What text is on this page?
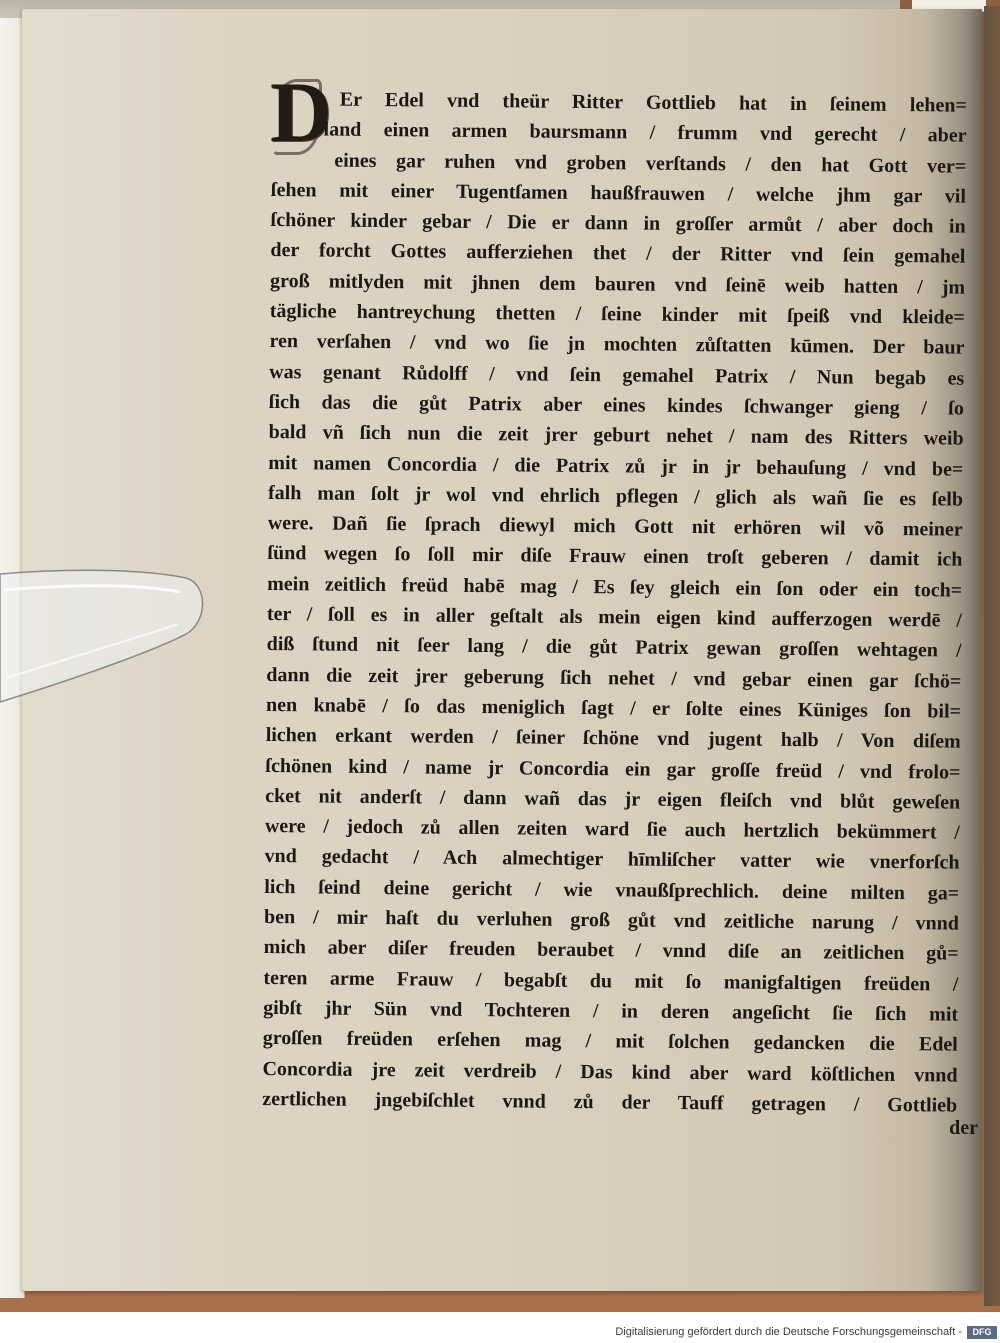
D Er Edel vnd theür Ritter Gottlieb hat in ſeinem lehen=
land einen armen baursmann / frumm vnd gerecht / aber
eines gar ruhen vnd groben verſtands / den hat Gott ver=
ſehen mit einer Tugentſamen haußfrauwen / welche jhm gar vil
ſchöner kinder gebar / Die er dann in groſſer armůt / aber doch in
der forcht Gottes aufferziehen thet / der Ritter vnd ſein gemahel
groß mitlyden mit jhnen dem bauren vnd ſeinē weib hatten / jm
tägliche hantreychung thetten / ſeine kinder mit ſpeiß vnd kleide=
ren verſahen / vnd wo ſie jn mochten zůſtatten kūmen. Der baur
was genant Růdolff / vnd ſein gemahel Patrix / Nun begab es
ſich das die gůt Patrix aber eines kindes ſchwanger gieng / ſo
bald vñ ſich nun die zeit jrer geburt nehet / nam des Ritters weib
mit namen Concordia / die Patrix zů jr in jr behauſung / vnd be=
falh man ſolt jr wol vnd ehrlich pflegen / glich als wañ ſie es ſelb
were. Dañ ſie ſprach diewyl mich Gott nit erhören wil võ meiner
ſünd wegen ſo ſoll mir diſe Frauw einen troſt geberen / damit ich
mein zeitlich freüd habē mag / Es ſey gleich ein ſon oder ein toch=
ter / ſoll es in aller geſtalt als mein eigen kind aufferzogen werdē /
diß ſtund nit ſeer lang / die gůt Patrix gewan groſſen wehtagen /
dann die zeit jrer geberung ſich nehet / vnd gebar einen gar ſchö=
nen knabē / ſo das meniglich ſagt / er ſolte eines Küniges ſon bil=
lichen erkant werden / ſeiner ſchöne vnd jugent halb / Von diſem
ſchönen kind / name jr Concordia ein gar groſſe freüd / vnd frolo=
cket nit anderſt / dann wañ das jr eigen fleiſch vnd blůt geweſen
were / jedoch zů allen zeiten ward ſie auch hertzlich bekümmert /
vnd gedacht / Ach almechtiger hīmliſcher vatter wie vnerforſch
lich ſeind deine gericht / wie vnaußſprechlich. deine milten ga=
ben / mir haſt du verluhen groß gůt vnd zeitliche narung / vnnd
mich aber diſer freuden beraubet / vnnd diſe an zeitlichen gů=
teren arme Frauw / begabſt du mit ſo manigfaltigen freüden /
gibſt jhr Sün vnd Tochteren / in deren angeſicht ſie ſich mit
groſſen freüden erſehen mag / mit ſolchen gedancken die Edel
Concordia jre zeit verdreib / Das kind aber ward köſtlichen vnnd
zertlichen jngebiſchlet vnnd zů der Tauff getragen / Gottlieb
der
Digitalisierung gefördert durch die Deutsche Forschungsgemeinschaft -	DFG
